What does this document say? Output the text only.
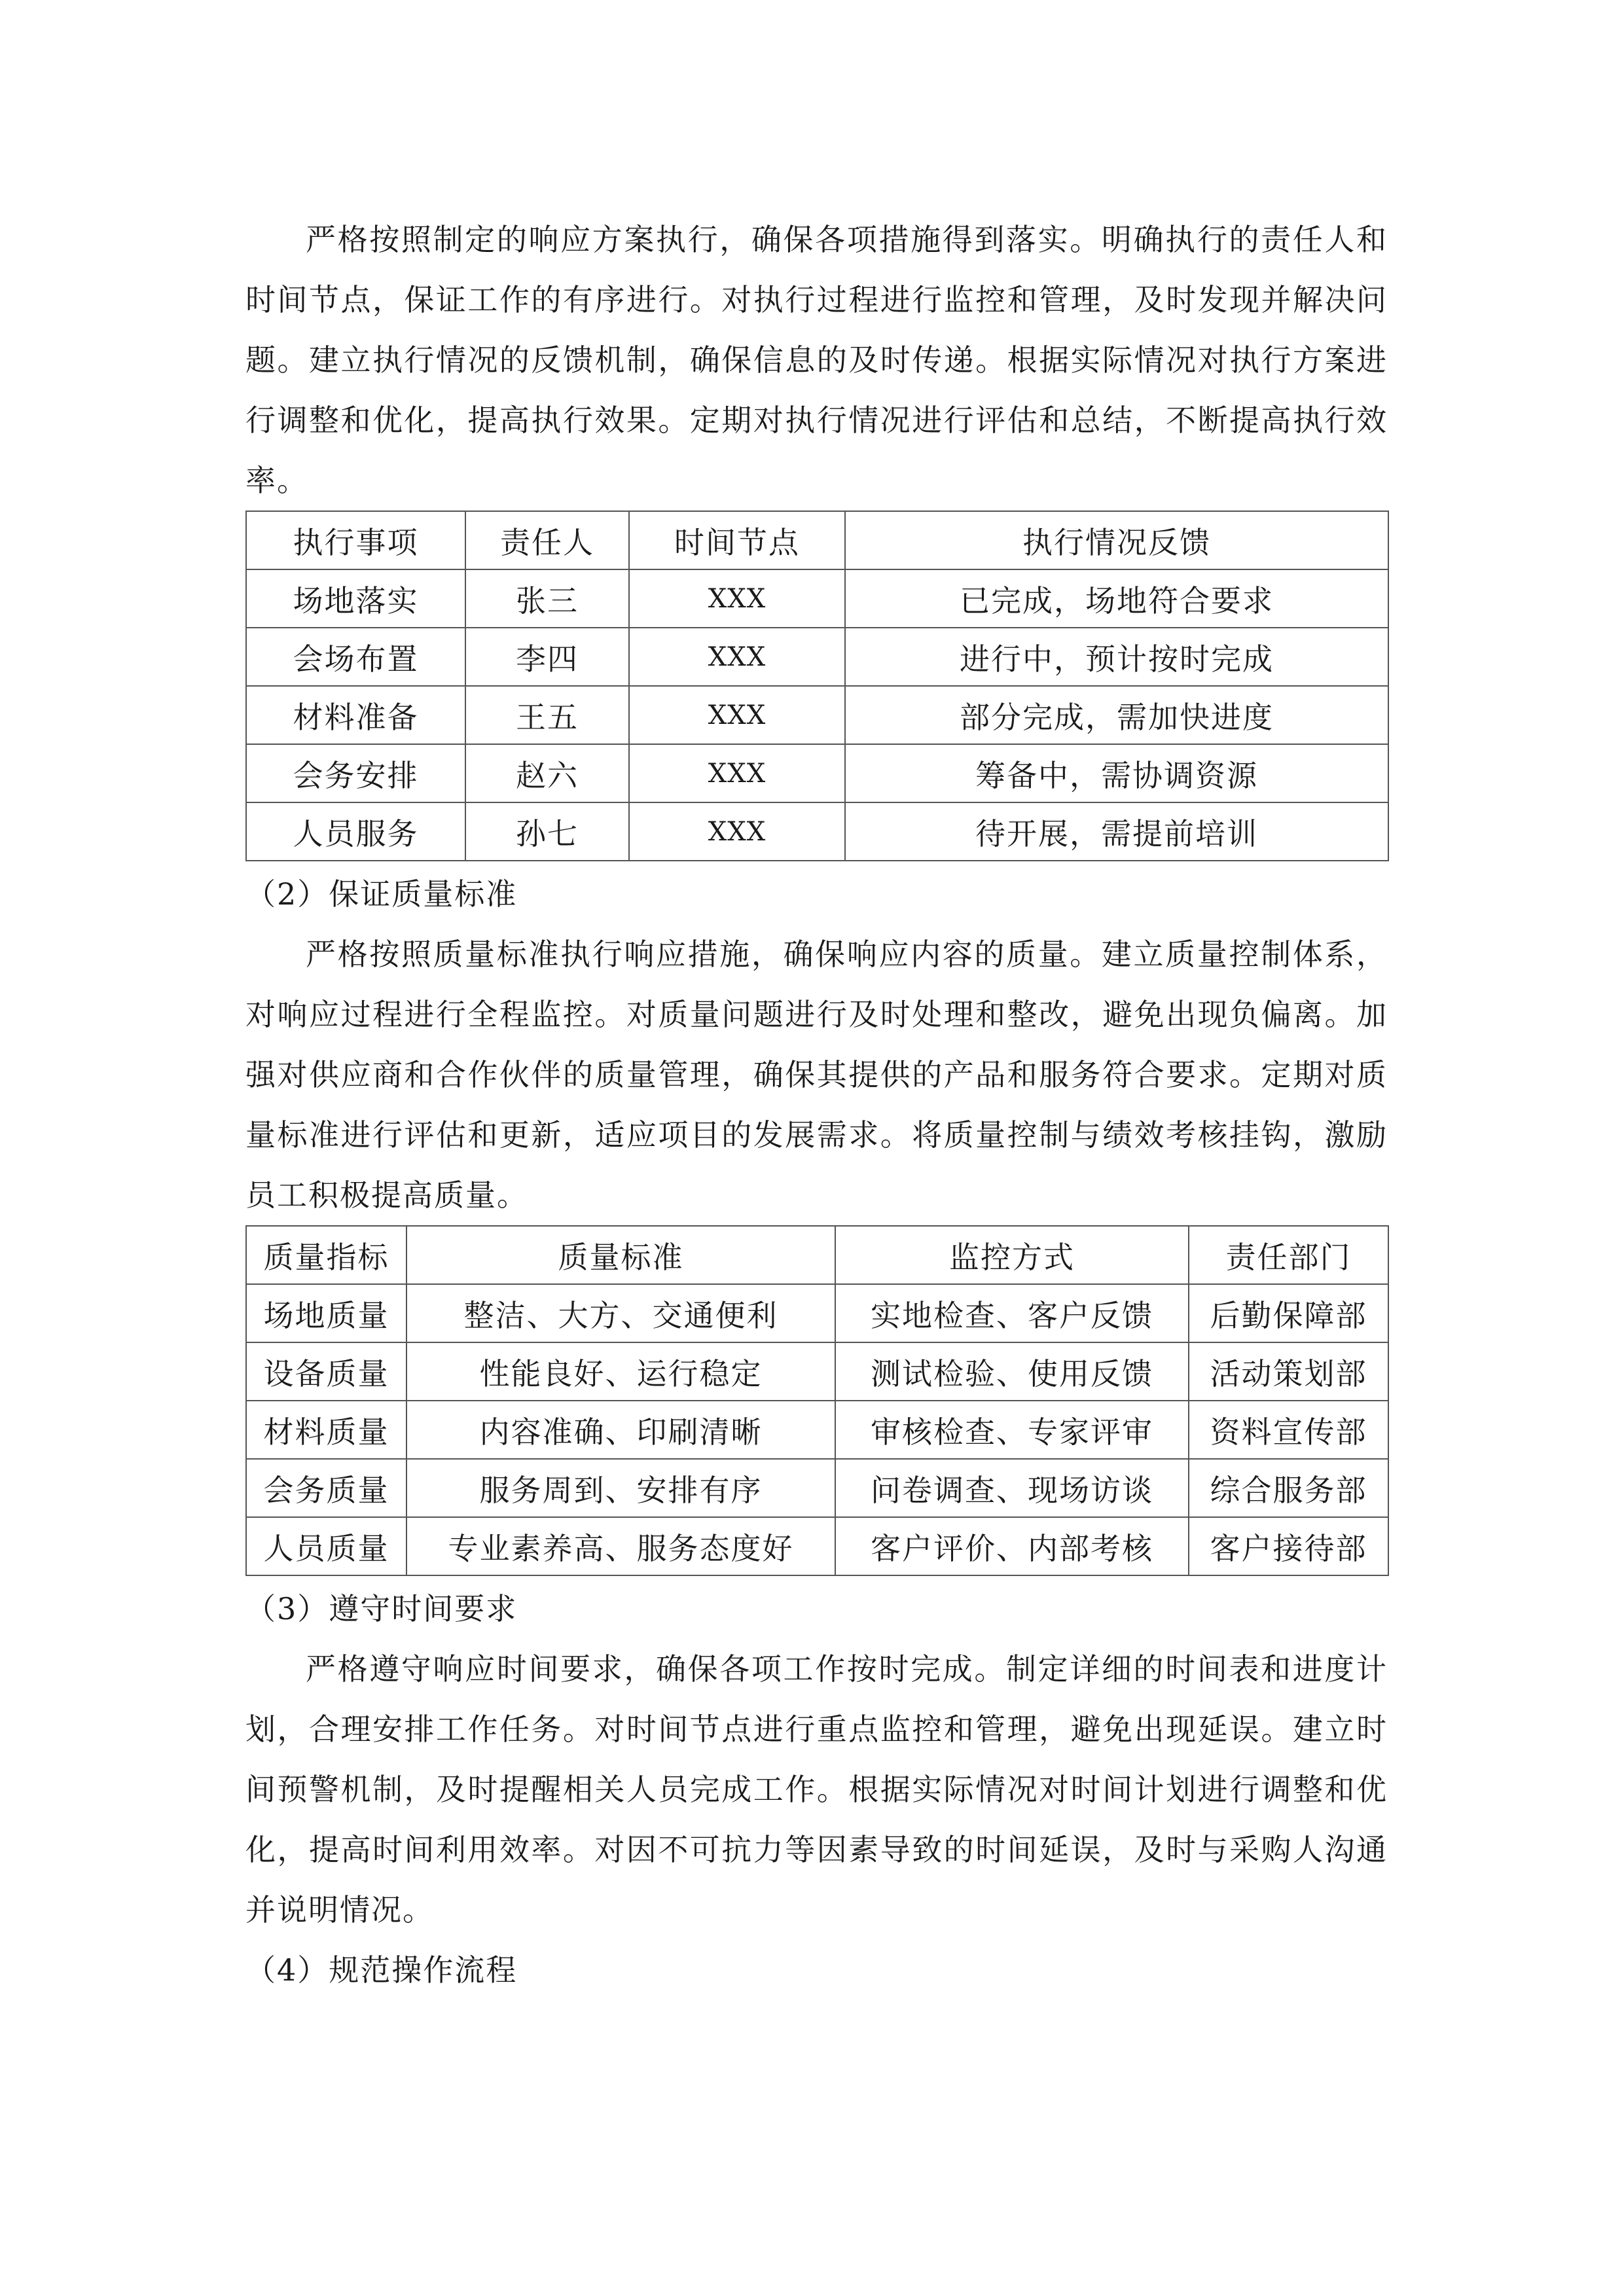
严格按照制定的响应方案执行，确保各项措施得到落实。明确执行的责任人和时间节点，保证工作的有序进行。对执行过程进行监控和管理，及时发现并解决问题。建立执行情况的反馈机制，确保信息的及时传递。根据实际情况对执行方案进行调整和优化，提高执行效果。定期对执行情况进行评估和总结，不断提高执行效率。

执行事项	责任人	时间节点	执行情况反馈
场地落实	张三	XXX	已完成，场地符合要求
会场布置	李四	XXX	进行中，预计按时完成
材料准备	王五	XXX	部分完成，需加快进度
会务安排	赵六	XXX	筹备中，需协调资源
人员服务	孙七	XXX	待开展，需提前培训

（2）保证质量标准

严格按照质量标准执行响应措施，确保响应内容的质量。建立质量控制体系，对响应过程进行全程监控。对质量问题进行及时处理和整改，避免出现负偏离。加强对供应商和合作伙伴的质量管理，确保其提供的产品和服务符合要求。定期对质量标准进行评估和更新，适应项目的发展需求。将质量控制与绩效考核挂钩，激励员工积极提高质量。

质量指标	质量标准	监控方式	责任部门
场地质量	整洁、大方、交通便利	实地检查、客户反馈	后勤保障部
设备质量	性能良好、运行稳定	测试检验、使用反馈	活动策划部
材料质量	内容准确、印刷清晰	审核检查、专家评审	资料宣传部
会务质量	服务周到、安排有序	问卷调查、现场访谈	综合服务部
人员质量	专业素养高、服务态度好	客户评价、内部考核	客户接待部

（3）遵守时间要求

严格遵守响应时间要求，确保各项工作按时完成。制定详细的时间表和进度计划，合理安排工作任务。对时间节点进行重点监控和管理，避免出现延误。建立时间预警机制，及时提醒相关人员完成工作。根据实际情况对时间计划进行调整和优化，提高时间利用效率。对因不可抗力等因素导致的时间延误，及时与采购人沟通并说明情况。

（4）规范操作流程
